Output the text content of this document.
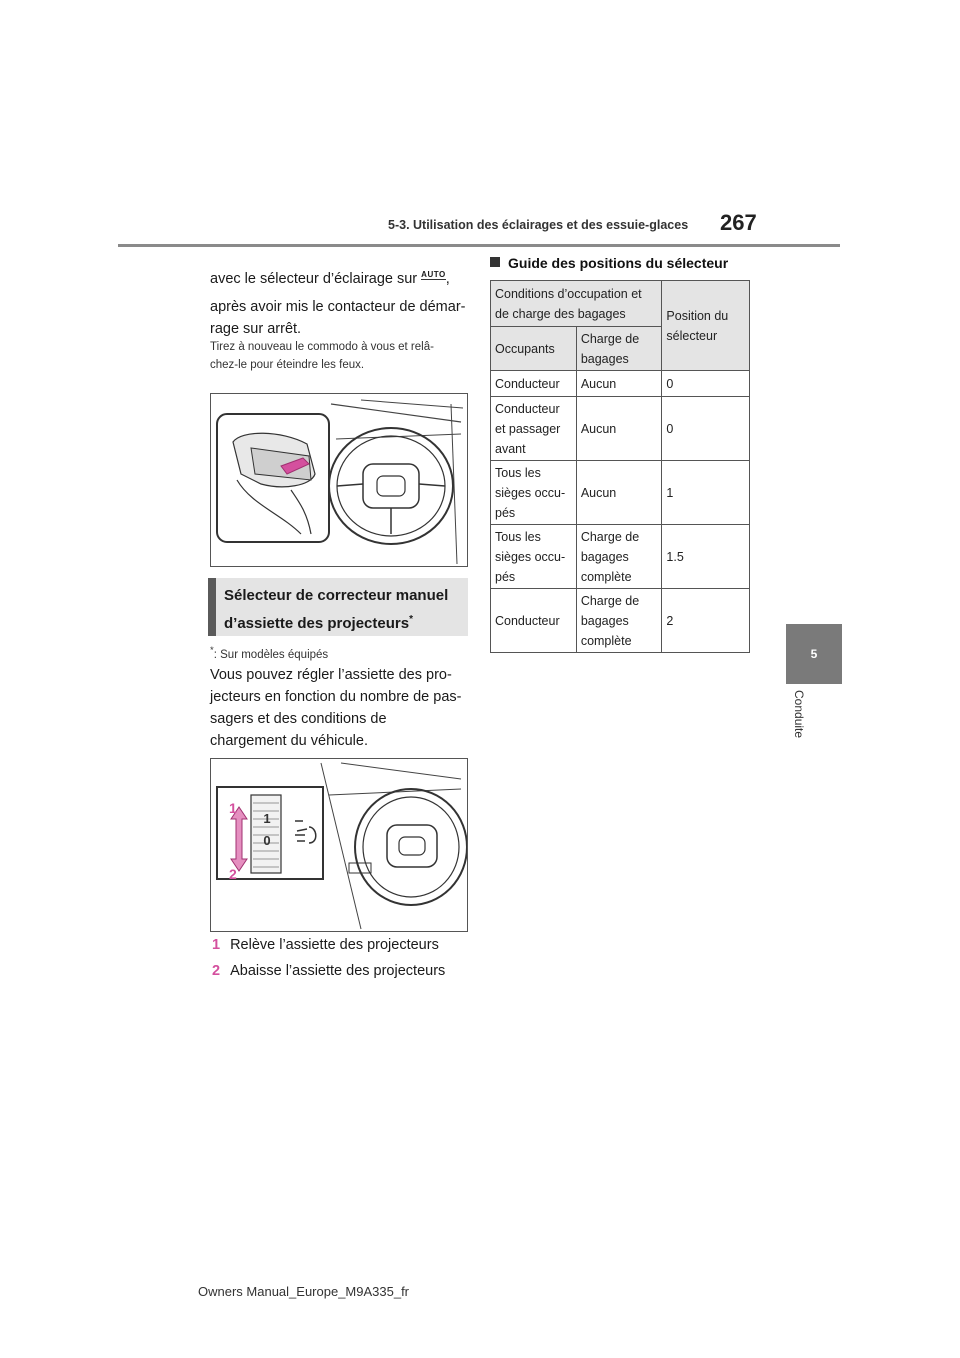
5-3. Utilisation des éclairages et des essuie-glaces 267
5
Conduite
avec le sélecteur d’éclairage sur $^{AUTO}$,
après avoir mis le contacteur de démar-
rage sur arrêt.
Tirez à nouveau le commodo à vous et relâ-
chez-le pour éteindre les feux.
Sélecteur de correcteur manuel
d’assiette des projecteurs*
*: Sur modèles équipés
Vous pouvez régler l’assiette des pro-
jecteurs en fonction du nombre de pas-
sagers et des conditions de
chargement du véhicule.
1
0
1
2
1 Relève l’assiette des projecteurs
2 Abaisse l’assiette des projecteurs
Guide des positions du sélecteur
Conditions d’occupation et de charge des bagages		Position du sélecteur
Occupants	Charge de bagages	
Conducteur	Aucun	0
Conducteur et passager avant	Aucun	0
Tous les sièges occu-pés	Aucun	1
Tous les sièges occu-pés	Charge de bagages complète	1.5
Conducteur	Charge de bagages complète	2
Owners Manual_Europe_M9A335_fr
